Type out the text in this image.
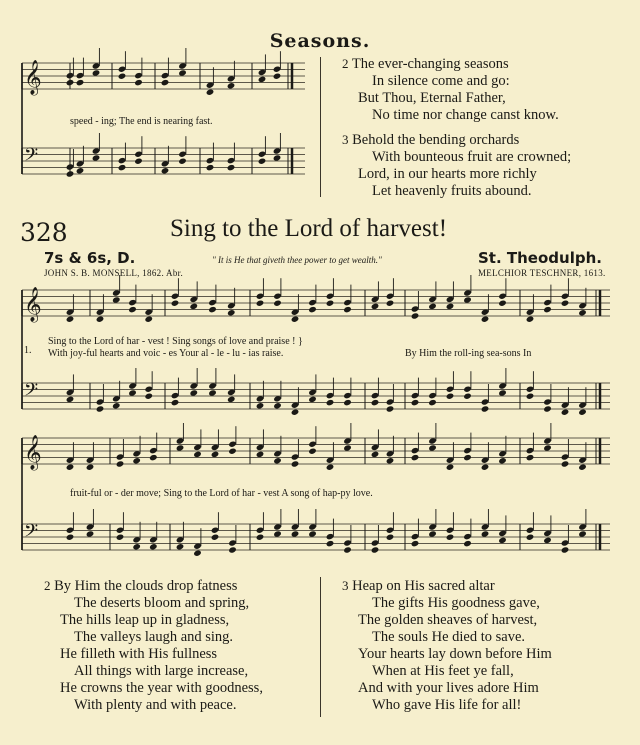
Seasons.
𝄞
𝄢
𝄞
𝄢
𝄞
𝄢
speed - ing; The end is nearing fast.
2 The ever-changing seasons
In silence come and go:
But Thou, Eternal Father,
No time nor change canst know.
3 Behold the bending orchards
With bounteous fruit are crowned;
Lord, in our hearts more richly
Let heavenly fruits abound.
328	Sing to the Lord of harvest!
7s & 6s, D.	" It is He that giveth thee power to get wealth."	St. Theodulph.
JOHN S. B. MONSELL, 1862. Abr.	MELCHIOR TESCHNER, 1613.
1.
Sing to the Lord of har - vest ! Sing songs of love and praise ! }
With joy-ful hearts and voic - es Your al - le - lu - ias raise.	By Him the roll-ing sea-sons In
fruit-ful or - der move; Sing to the Lord of har - vest A song of hap-py love.
2 By Him the clouds drop fatness
The deserts bloom and spring,
The hills leap up in gladness,
The valleys laugh and sing.
He filleth with His fullness
All things with large increase,
He crowns the year with goodness,
With plenty and with peace.
3 Heap on His sacred altar
The gifts His goodness gave,
The golden sheaves of harvest,
The souls He died to save.
Your hearts lay down before Him
When at His feet ye fall,
And with your lives adore Him
Who gave His life for all!
